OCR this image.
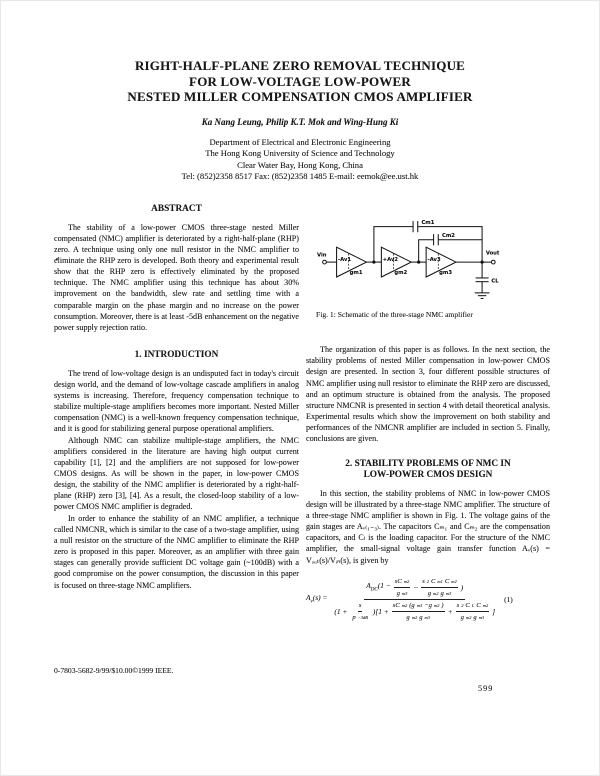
RIGHT-HALF-PLANE ZERO REMOVAL TECHNIQUE
FOR LOW-VOLTAGE LOW-POWER
NESTED MILLER COMPENSATION CMOS AMPLIFIER
Ka Nang Leung, Philip K.T. Mok and Wing-Hung Ki
Department of Electrical and Electronic Engineering
The Hong Kong University of Science and Technology
Clear Water Bay, Hong Kong, China
Tel: (852)2358 8517 Fax: (852)2358 1485 E-mail: eemok@ee.ust.hk
ABSTRACT

The stability of a low-power CMOS three-stage nested Miller compensated (NMC) amplifier is deteriorated by a right-half-plane (RHP) zero. A technique using only one null resistor in the NMC amplifier to eliminate the RHP zero is developed. Both theory and experimental result show that the RHP zero is effectively eliminated by the proposed technique. The NMC amplifier using this technique has about 30% improvement on the bandwidth, slew rate and settling time with a comparable margin on the phase margin and no increase on the power consumption. Moreover, there is at least -5dB enhancement on the negative power supply rejection ratio.

1. INTRODUCTION

The trend of low-voltage design is an undisputed fact in today's circuit design world, and the demand of low-voltage cascade amplifiers in analog systems is increasing. Therefore, frequency compensation technique to stabilize multiple-stage amplifiers becomes more important. Nested Miller compensation (NMC) is a well-known frequency compensation technique, and it is good for stabilizing general purpose operational amplifiers.

Although NMC can stabilize multiple-stage amplifiers, the NMC amplifiers considered in the literature are having high output current capability [1], [2] and the amplifiers are not supposed for low-power CMOS designs. As will be shown in the paper, in low-power CMOS design, the stability of the NMC amplifier is deteriorated by a right-half-plane (RHP) zero [3], [4]. As a result, the closed-loop stability of a low-power CMOS NMC amplifier is degraded.

In order to enhance the stability of an NMC amplifier, a technique called NMCNR, which is similar to the case of a two-stage amplifier, using a null resistor on the structure of the NMC amplifier to eliminate the RHP zero is proposed in this paper. Moreover, as an amplifier with three gain stages can generally provide sufficient DC voltage gain (~100dB) with a good compromise on the power consumption, the discussion in this paper is focused on three-stage NMC amplifiers.

Vin
-Av1
gm1
+Av2
gm2
-Av3
gm3
Vout
Cm1
Cm2
CL
Fig. 1: Schematic of the three-stage NMC amplifier

The organization of this paper is as follows. In the next section, the stability problems of nested Miller compensation in low-power CMOS design are presented. In section 3, four different possible structures of NMC amplifier using null resistor to eliminate the RHP zero are discussed, and an optimum structure is obtained from the analysis. The proposed structure NMCNR is presented in section 4 with detail theoretical analysis. Experimental results which show the improvement on both stability and performances of the NMCNR amplifier are included in section 5. Finally, conclusions are given.

2. STABILITY PROBLEMS OF NMC IN
LOW-POWER CMOS DESIGN

In this section, the stability problems of NMC in low-power CMOS design will be illustrated by a three-stage NMC amplifier. The structure of a three-stage NMC amplifier is shown in Fig. 1. The voltage gains of the gain stages are Aᵥ₍₁₋₃₎. The capacitors Cₘ₁ and Cₘ₂ are the compensation capacitors, and Cₗ is the loading capacitor. For the structure of the NMC amplifier, the small-signal voltage gain transfer function Aᵥ(s) = Vₒᵤₜ(s)/Vᵢₙ(s), is given by

$A_v(s)$ =
$A_{DC}(1 - \frac{\text{sC m2}}{\text{g m3}} - \frac{\text{s 2 C m1 C m2}}{\text{g m2 g m3}}$ )
$(1 + \frac{s}{p -3dB} )[1 + \frac{\text{sC m2 (g m3 −g m2 )}}{\text{g m2 g m3}} + \frac{\text{s 2 C L C m2}}{\text{g m2 g m3}}$ ]
(1)
0-7803-5682-9/99/$10.00©1999 IEEE.
599
